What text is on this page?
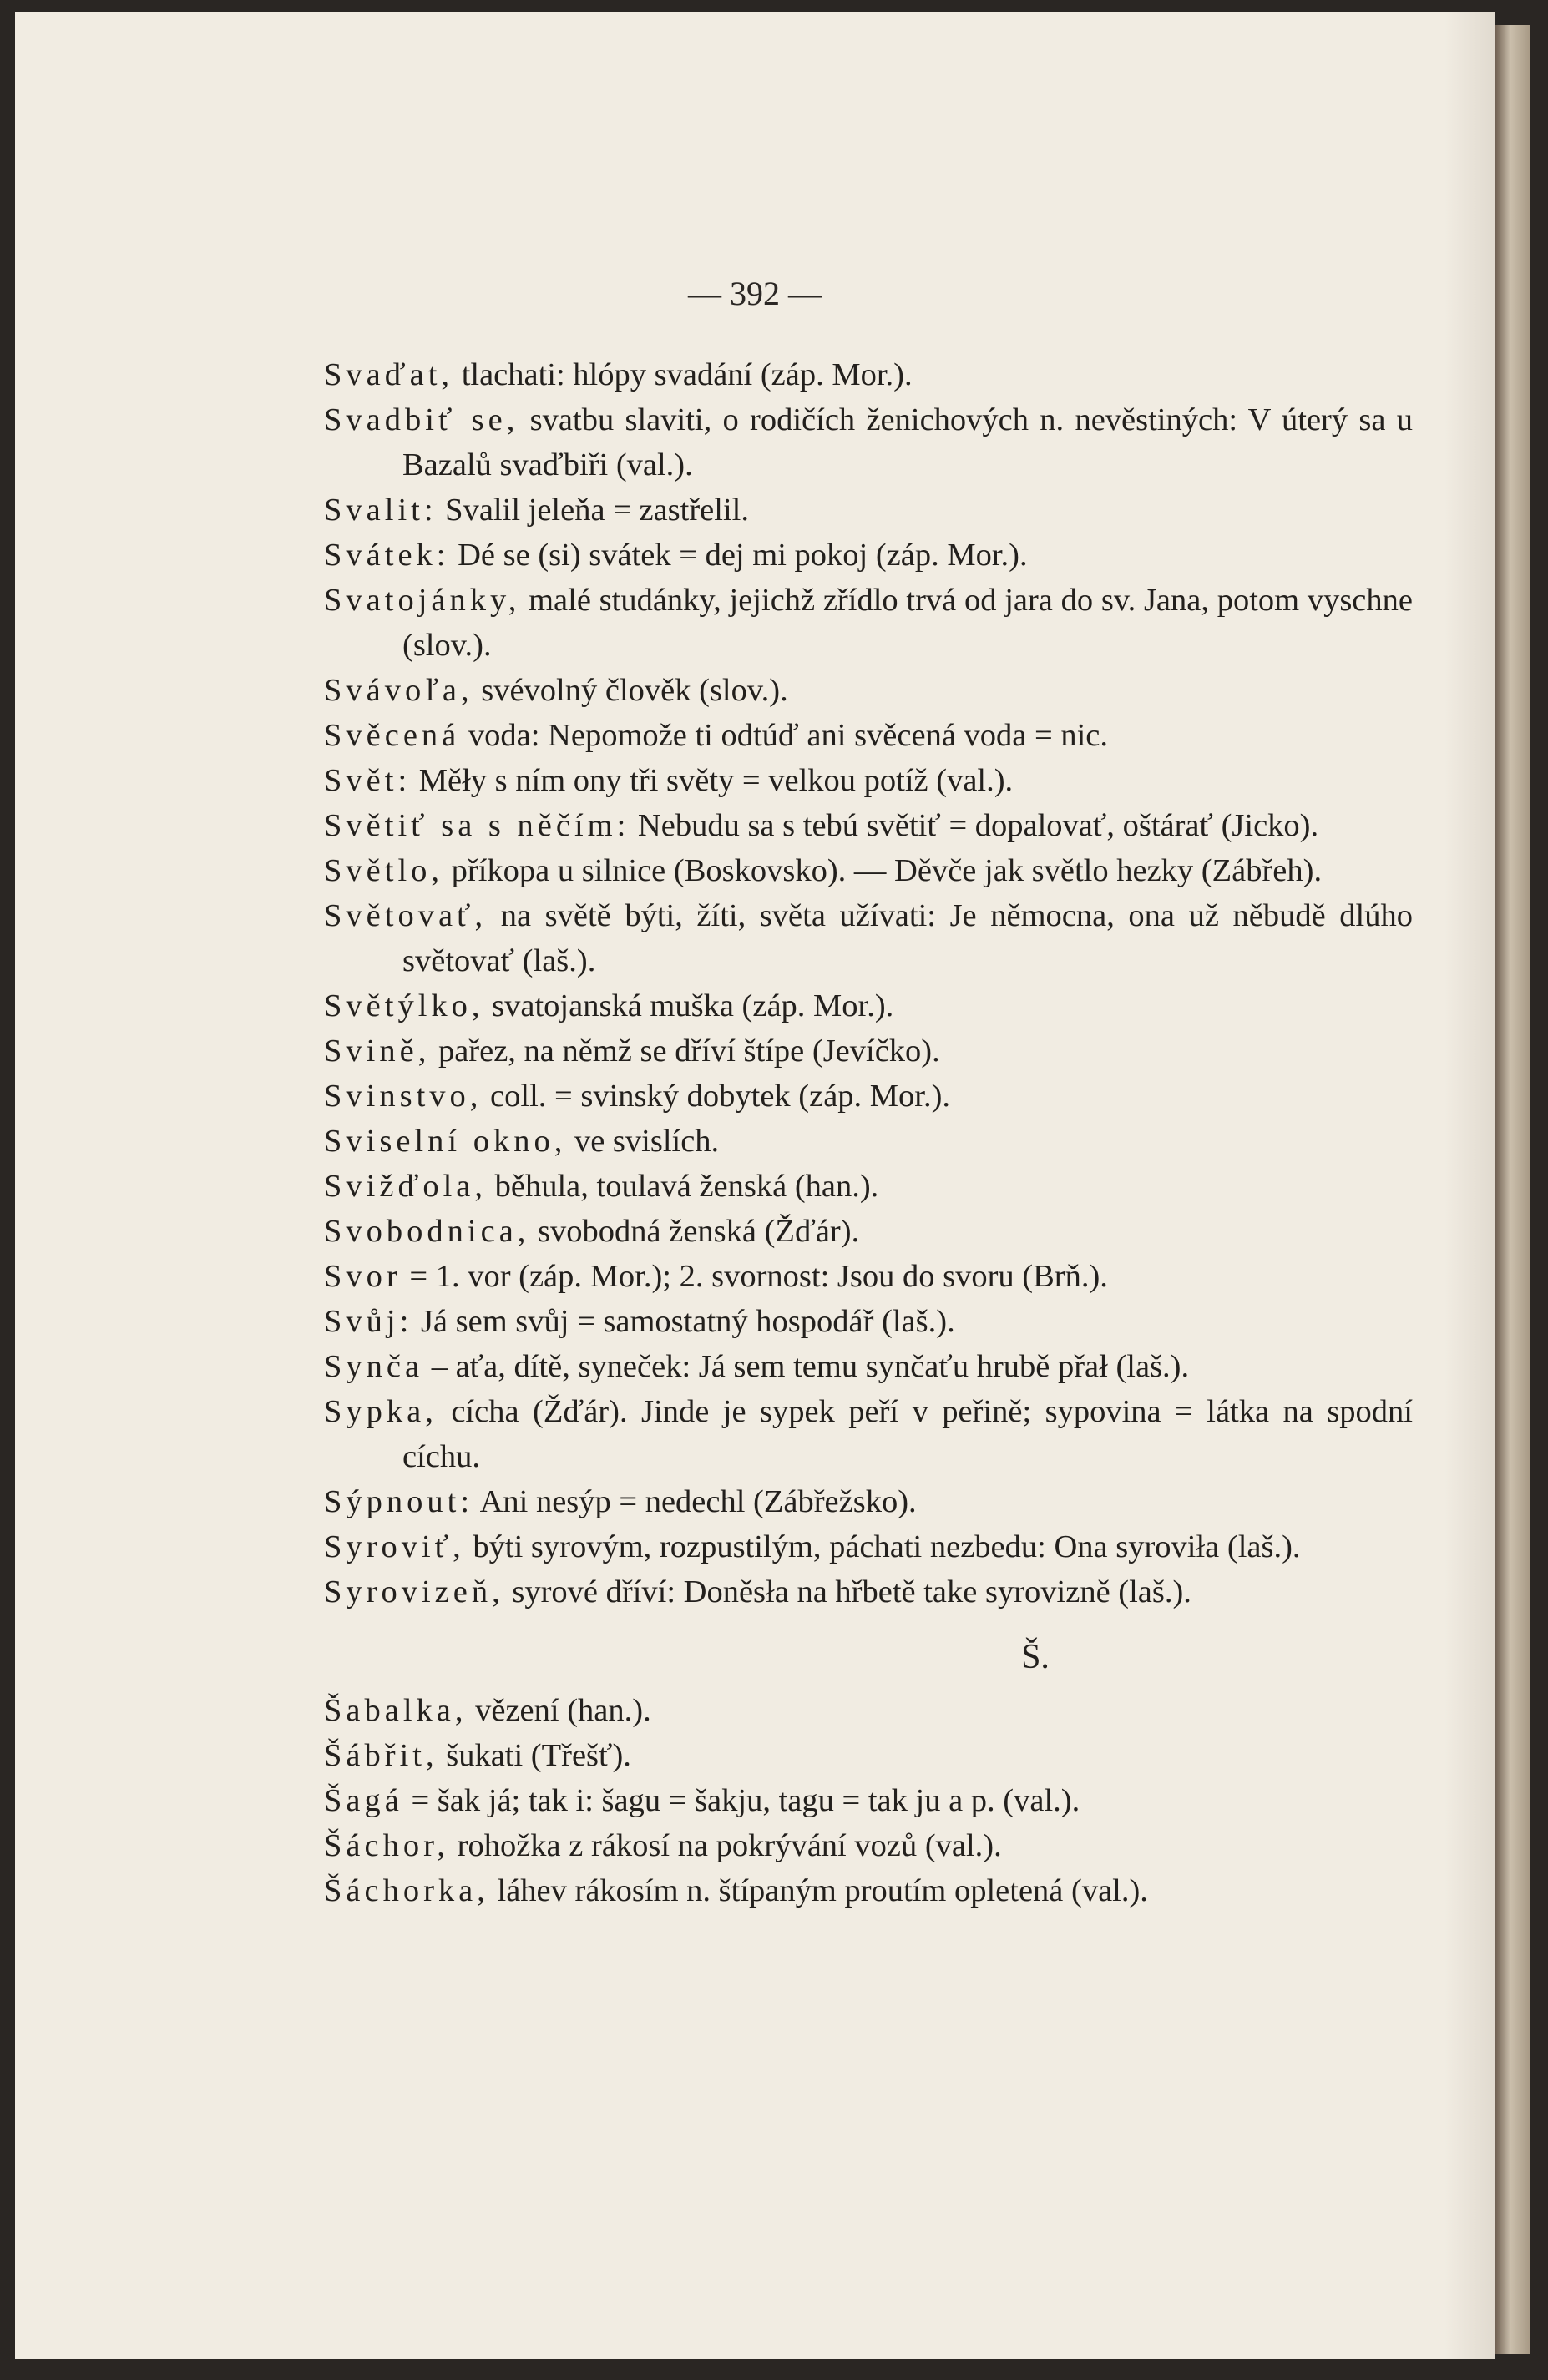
— 392 —
Svaďat, tlachati: hlópy svadání (záp. Mor.).
Svadbiť se, svatbu slaviti, o rodičích ženichových n. nevěstiných: V úterý sa u Bazalů svaďbiři (val.).
Svalit: Svalil jeleňa = zastřelil.
Svátek: Dé se (si) svátek = dej mi pokoj (záp. Mor.).
Svatojánky, malé studánky, jejichž zřídlo trvá od jara do sv. Jana, potom vyschne (slov.).
Svávoľa, svévolný člověk (slov.).
Svěcená voda: Nepomože ti odtúď ani svěcená voda = nic.
Svět: Měły s ním ony tři světy = velkou potíž (val.).
Světiť sa s něčím: Nebudu sa s tebú světiť = dopalovať, oštárať (Jicko).
Světlo, příkopa u silnice (Boskovsko). — Děvče jak světlo hezky (Zábřeh).
Světovať, na světě býti, žíti, světa užívati: Je němocna, ona už něbudě dlúho světovať (laš.).
Světýlko, svatojanská muška (záp. Mor.).
Svině, pařez, na němž se dříví štípe (Jevíčko).
Svinstvo, coll. = svinský dobytek (záp. Mor.).
Sviselní okno, ve svislích.
Svižďola, běhula, toulavá ženská (han.).
Svobodnica, svobodná ženská (Žďár).
Svor = 1. vor (záp. Mor.); 2. svornost: Jsou do svoru (Brň.).
Svůj: Já sem svůj = samostatný hospodář (laš.).
Synča – aťa, dítě, syneček: Já sem temu synčaťu hrubě přał (laš.).
Sypka, cícha (Žďár). Jinde je sypek peří v peřině; sypovina = látka na spodní cíchu.
Sýpnout: Ani nesýp = nedechl (Zábřežsko).
Syroviť, býti syrovým, rozpustilým, páchati nezbedu: Ona syroviła (laš.).
Syrovizeň, syrové dříví: Doněsła na hřbetě take syrovizně (laš.).
Š.
Šabalka, vězení (han.).
Šábřit, šukati (Třešť).
Šagá = šak já; tak i: šagu = šakju, tagu = tak ju a p. (val.).
Šáchor, rohožka z rákosí na pokrývání vozů (val.).
Šáchorka, láhev rákosím n. štípaným proutím opletená (val.).
